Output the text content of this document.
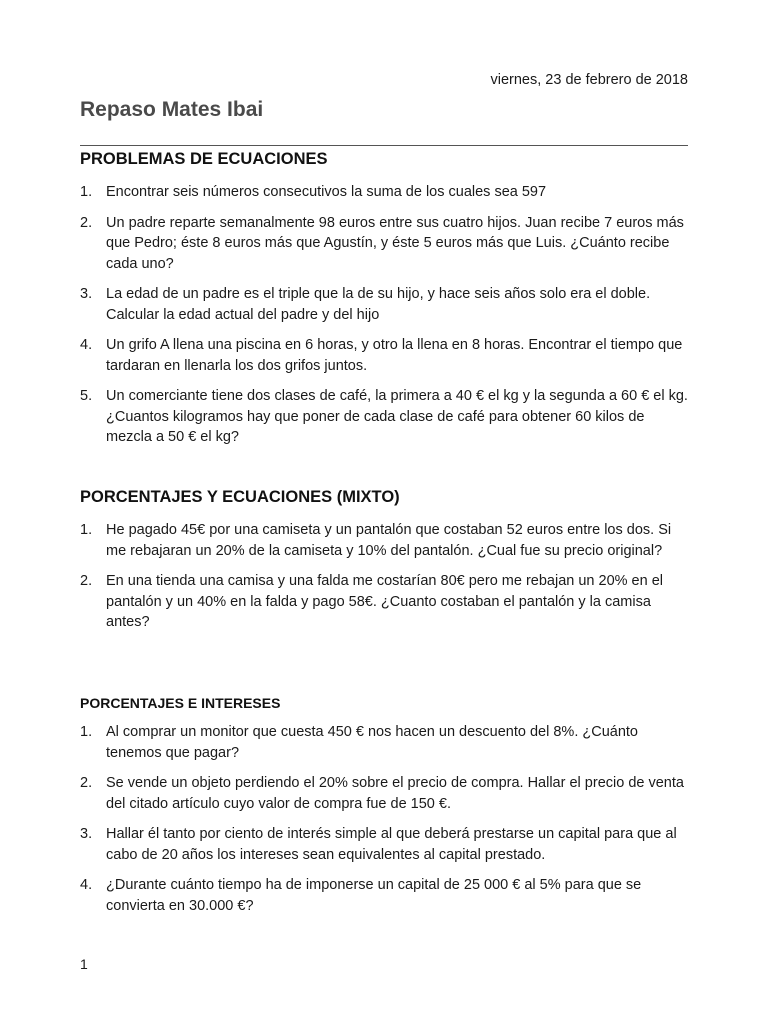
viernes, 23 de febrero de 2018
Repaso Mates Ibai
PROBLEMAS DE ECUACIONES
1. Encontrar seis números consecutivos la suma de los cuales sea 597
2. Un padre reparte semanalmente 98 euros entre sus cuatro hijos. Juan recibe 7 euros más que Pedro; éste 8 euros más que Agustín, y éste 5 euros más que Luis. ¿Cuánto recibe cada uno?
3. La edad de un padre es el triple que la de su hijo, y hace seis años solo era el doble. Calcular la edad actual del padre y del hijo
4. Un grifo A llena una piscina en 6 horas, y otro la llena en 8 horas. Encontrar el tiempo que tardaran en llenarla los dos grifos juntos.
5. Un comerciante tiene dos clases de café, la primera a 40 € el kg y la segunda a 60 € el kg. ¿Cuantos kilogramos hay que poner de cada clase de café para obtener 60 kilos de mezcla a 50 € el kg?
PORCENTAJES Y ECUACIONES (MIXTO)
1. He pagado 45€ por una camiseta y un pantalón que costaban 52 euros entre los dos. Si me rebajaran un 20% de la camiseta y 10% del pantalón. ¿Cual fue su precio original?
2. En una tienda una camisa y una falda me costarían 80€ pero me rebajan un 20% en el pantalón y un 40% en la falda y pago 58€. ¿Cuanto costaban el pantalón y la camisa antes?
PORCENTAJES E INTERESES
1. Al comprar un monitor que cuesta 450 € nos hacen un descuento del 8%. ¿Cuánto tenemos que pagar?
2. Se vende un objeto perdiendo el 20% sobre el precio de compra. Hallar el precio de venta del citado artículo cuyo valor de compra fue de 150 €.
3. Hallar él tanto por ciento de interés simple al que deberá prestarse un capital para que al cabo de 20 años los intereses sean equivalentes al capital prestado.
4. ¿Durante cuánto tiempo ha de imponerse un capital de 25 000 € al 5% para que se convierta en 30.000 €?
1
